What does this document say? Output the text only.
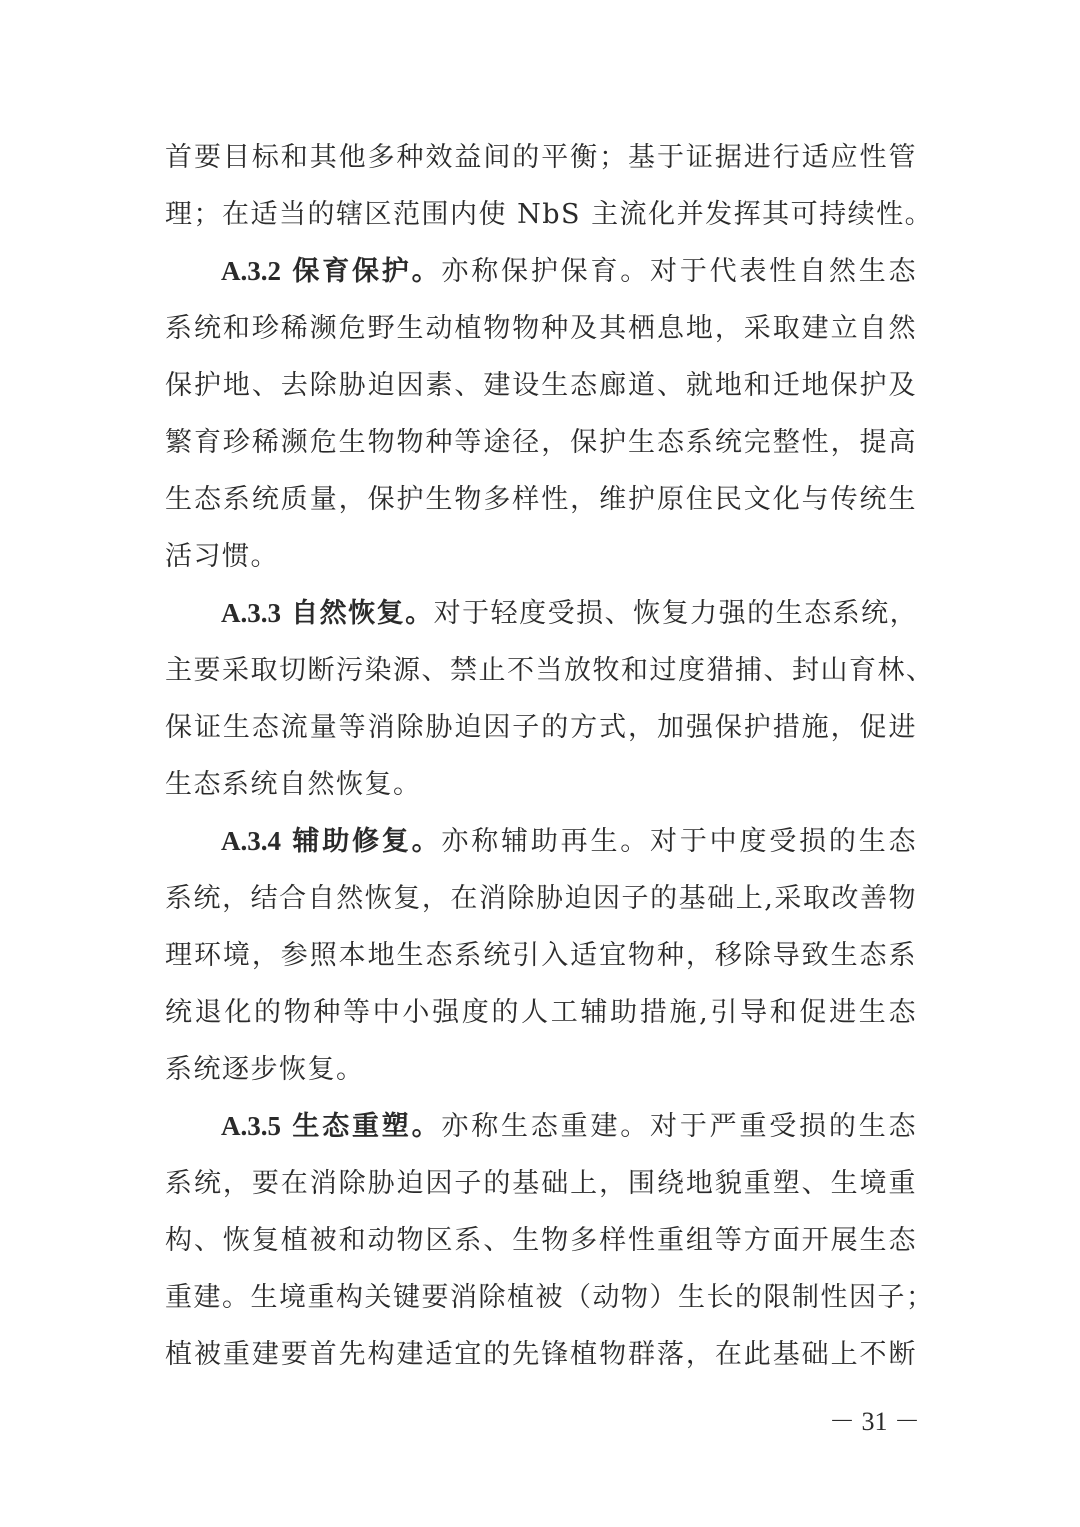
首要目标和其他多种效益间的平衡；基于证据进行适应性管
理；在适当的辖区范围内使 NbS 主流化并发挥其可持续性。
A.3.2 保育保护。亦称保护保育。对于代表性自然生态
系统和珍稀濒危野生动植物物种及其栖息地，采取建立自然
保护地、去除胁迫因素、建设生态廊道、就地和迁地保护及
繁育珍稀濒危生物物种等途径，保护生态系统完整性，提高
生态系统质量，保护生物多样性，维护原住民文化与传统生
活习惯。
A.3.3 自然恢复。对于轻度受损、恢复力强的生态系统，
主要采取切断污染源、禁止不当放牧和过度猎捕、封山育林、
保证生态流量等消除胁迫因子的方式，加强保护措施，促进
生态系统自然恢复。
A.3.4 辅助修复。亦称辅助再生。对于中度受损的生态
系统，结合自然恢复，在消除胁迫因子的基础上,采取改善物
理环境，参照本地生态系统引入适宜物种，移除导致生态系
统退化的物种等中小强度的人工辅助措施,引导和促进生态
系统逐步恢复。
A.3.5 生态重塑。亦称生态重建。对于严重受损的生态
系统，要在消除胁迫因子的基础上，围绕地貌重塑、生境重
构、恢复植被和动物区系、生物多样性重组等方面开展生态
重建。生境重构关键要消除植被（动物）生长的限制性因子；
植被重建要首先构建适宜的先锋植物群落，在此基础上不断
－ 31 －
